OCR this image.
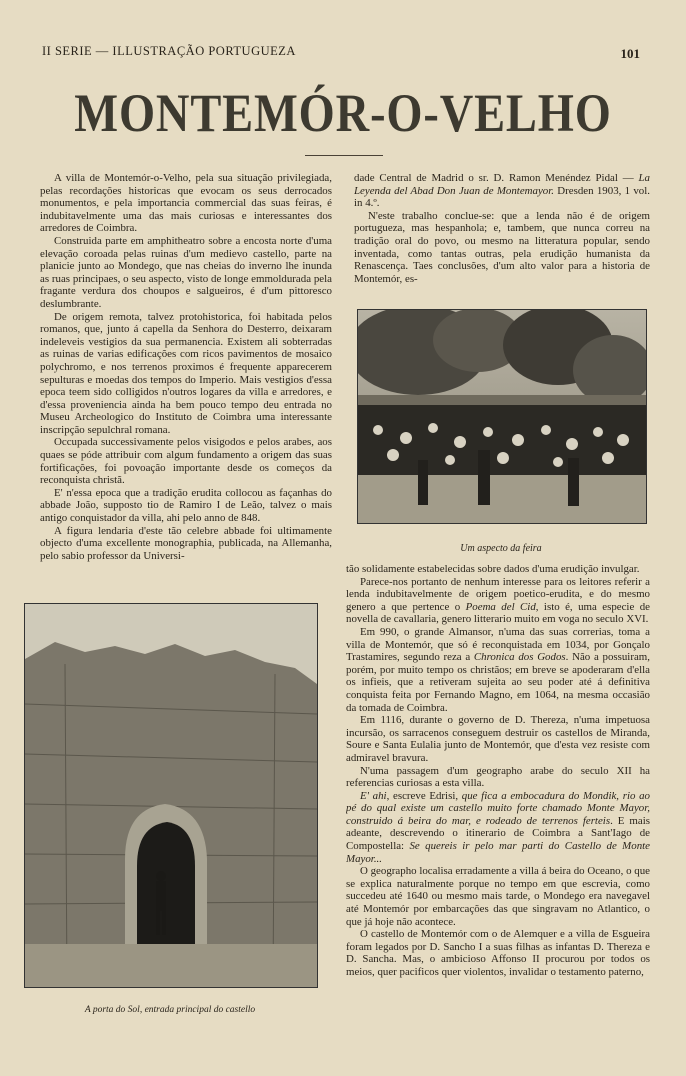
II SERIE — ILLUSTRAÇÃO PORTUGUEZA	101
MONTEMÓR-O-VELHO

A villa de Montemór-o-Velho, pela sua situação privilegiada, pelas recordações historicas que evocam os seus derrocados monumentos, e pela importancia commercial das suas feiras, é indubitavelmente uma das mais curiosas e interessantes dos arredores de Coimbra.

Construida parte em amphitheatro sobre a encosta norte d'uma elevação coroada pelas ruinas d'um medievo castello, parte na planicie junto ao Mondego, que nas cheias do inverno lhe inunda as ruas principaes, o seu aspecto, visto de longe emmoldurada pela fragante verdura dos choupos e salgueiros, é d'um pittoresco deslumbrante.

De origem remota, talvez protohistorica, foi habitada pelos romanos, que, junto á capella da Senhora do Desterro, deixaram indeleveis vestigios da sua permanencia. Existem ali sobterradas as ruinas de varias edificações com ricos pavimentos de mosaico polychromo, e nos terrenos proximos é frequente apparecerem sepulturas e moedas dos tempos do Imperio. Mais vestigios d'essa epoca teem sido colligidos n'outros logares da villa e arredores, e d'essa proveniencia ainda ha bem pouco tempo deu entrada no Museu Archeologico do Instituto de Coimbra uma interessante inscripção sepulchral romana.

Occupada successivamente pelos visigodos e pelos arabes, aos quaes se póde attribuir com algum fundamento a origem das suas fortificações, foi povoação importante desde os começos da reconquista christã.

E' n'essa epoca que a tradição erudita collocou as façanhas do abbade João, supposto tio de Ramiro I de Leão, talvez o mais antigo conquistador da villa, ahi pelo anno de 848.

A figura lendaria d'este tão celebre abbade foi ultimamente objecto d'uma excellente monographia, publicada, na Allemanha, pelo sabio professor da Universi-

dade Central de Madrid o sr. D. Ramon Menéndez Pidal — La Leyenda del Abad Don Juan de Montemayor. Dresden 1903, 1 vol. in 4.º.

N'este trabalho conclue-se: que a lenda não é de origem portugueza, mas hespanhola; e, tambem, que nunca correu na tradição oral do povo, ou mesmo na litteratura popular, sendo inventada, como tantas outras, pela erudição humanista da Renascença. Taes conclusões, d'um alto valor para a historia de Montemór, es-

Um aspecto da feira
A porta do Sol, entrada principal do castello

tão solidamente estabelecidas sobre dados d'uma erudição invulgar.

Parece-nos portanto de nenhum interesse para os leitores referir a lenda indubitavelmente de origem poetico-erudita, e do mesmo genero a que pertence o Poema del Cid, isto é, uma especie de novella de cavallaria, genero litterario muito em voga no seculo XVI.

Em 990, o grande Almansor, n'uma das suas correrias, toma a villa de Montemór, que só é reconquistada em 1034, por Gonçalo Trastamires, segundo reza a Chronica dos Godos. Não a possuiram, porém, por muito tempo os christãos; em breve se apoderaram d'ella os infieis, que a retiveram sujeita ao seu poder até á definitiva conquista feita por Fernando Magno, em 1064, na mesma occasião da tomada de Coimbra.

Em 1116, durante o governo de D. Thereza, n'uma impetuosa incursão, os sarracenos conseguem destruir os castellos de Miranda, Soure e Santa Eulalia junto de Montemór, que d'esta vez resiste com admiravel bravura.

N'uma passagem d'um geographo arabe do seculo XII ha referencias curiosas a esta villa.

E' ahi, escreve Edrisi, que fica a embocadura do Mondik, rio ao pé do qual existe um castello muito forte chamado Monte Mayor, construido á beira do mar, e rodeado de terrenos ferteis. E mais adeante, descrevendo o itinerario de Coimbra a Sant'Iago de Compostella: Se quereis ir pelo mar parti do Castello de Monte Mayor...

O geographo localisa erradamente a villa á beira do Oceano, o que se explica naturalmente porque no tempo em que escrevia, como succedeu até 1640 ou mesmo mais tarde, o Mondego era navegavel até Montemór por embarcações das que singravam no Atlantico, o que já hoje não acontece.

O castello de Montemór com o de Alemquer e a villa de Esgueira foram legados por D. Sancho I a suas filhas as infantas D. Thereza e D. Sancha. Mas, o ambicioso Affonso II procurou por todos os meios, quer pacificos quer violentos, invalidar o testamento paterno,
